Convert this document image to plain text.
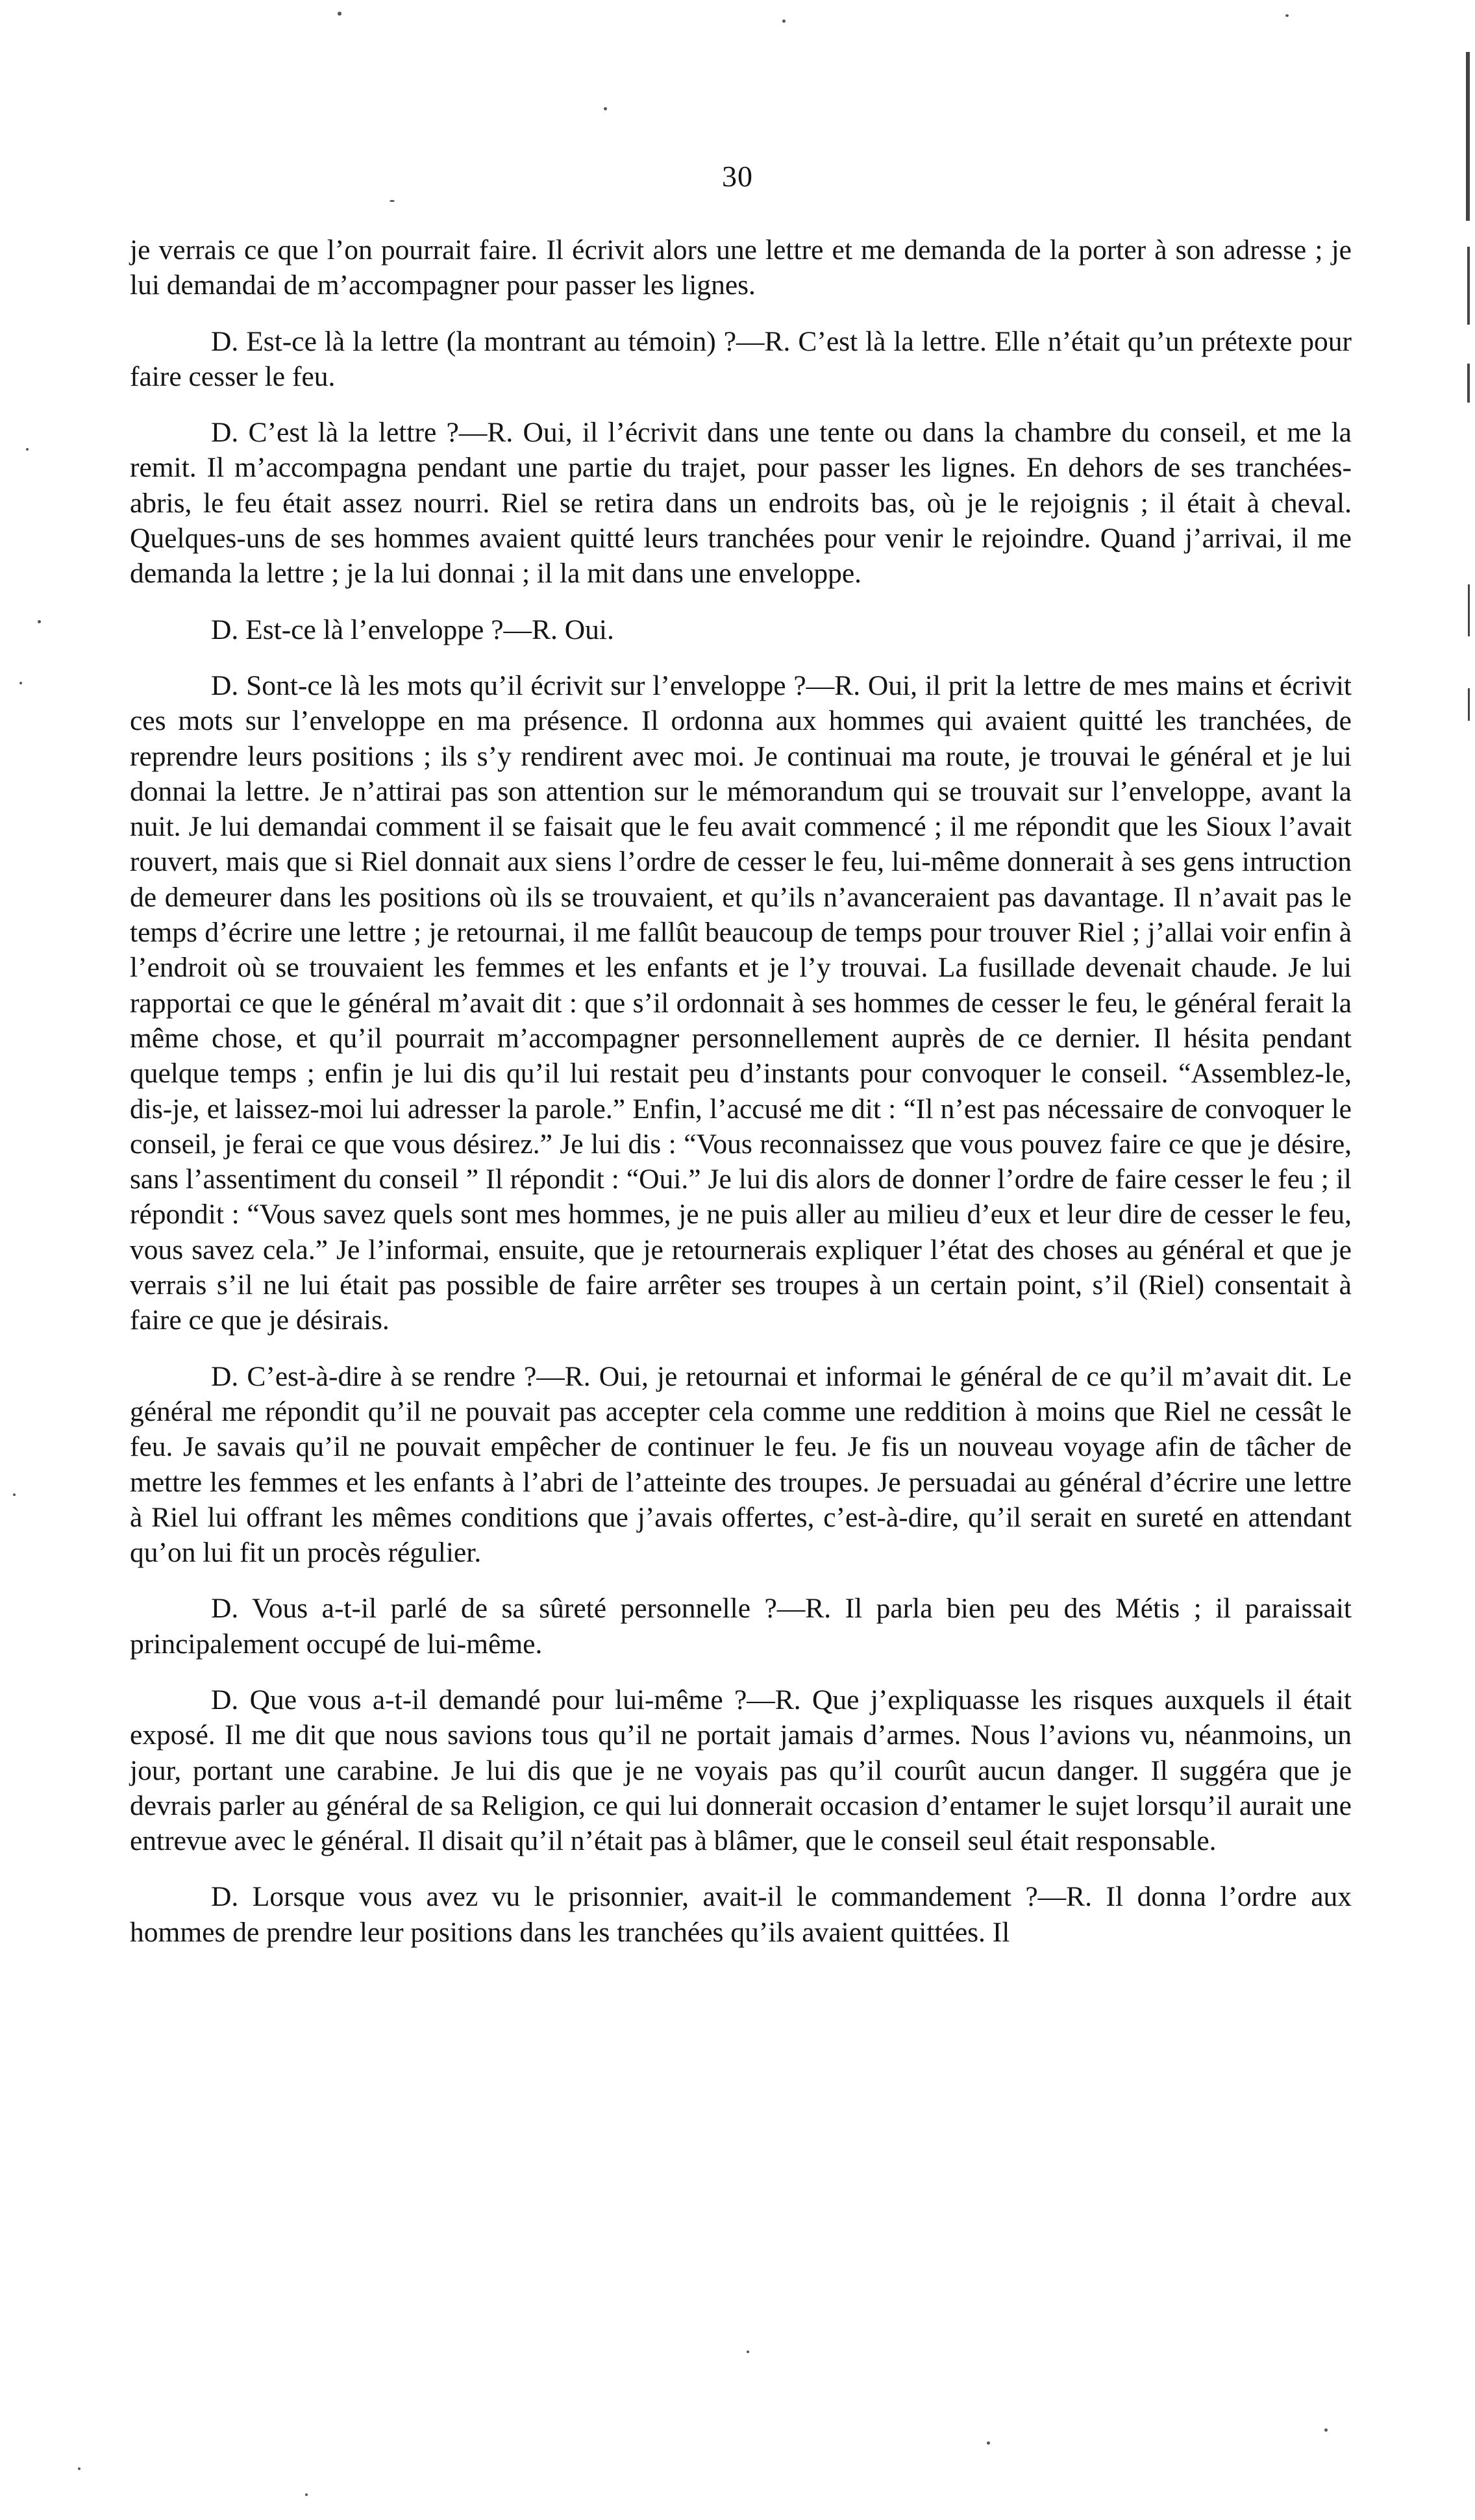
30

je verrais ce que l’on pourrait faire. Il écrivit alors une lettre et me demanda de la porter à son adresse ; je lui demandai de m’accompagner pour passer les lignes.

D. Est-ce là la lettre (la montrant au témoin) ?—R. C’est là la lettre. Elle n’était qu’un prétexte pour faire cesser le feu.

D. C’est là la lettre ?—R. Oui, il l’écrivit dans une tente ou dans la chambre du conseil, et me la remit. Il m’accompagna pendant une partie du trajet, pour passer les lignes. En dehors de ses tranchées-abris, le feu était assez nourri. Riel se retira dans un endroits bas, où je le rejoignis ; il était à cheval. Quelques-uns de ses hommes avaient quitté leurs tranchées pour venir le rejoindre. Quand j’arrivai, il me demanda la lettre ; je la lui donnai ; il la mit dans une enveloppe.

D. Est-ce là l’enveloppe ?—R. Oui.

D. Sont-ce là les mots qu’il écrivit sur l’enveloppe ?—R. Oui, il prit la lettre de mes mains et écrivit ces mots sur l’enveloppe en ma présence. Il ordonna aux hommes qui avaient quitté les tranchées, de reprendre leurs positions ; ils s’y rendirent avec moi. Je continuai ma route, je trouvai le général et je lui donnai la lettre. Je n’attirai pas son attention sur le mémorandum qui se trouvait sur l’enveloppe, avant la nuit. Je lui demandai comment il se faisait que le feu avait commencé ; il me répondit que les Sioux l’avait rouvert, mais que si Riel donnait aux siens l’ordre de cesser le feu, lui-même donnerait à ses gens intruction de demeurer dans les positions où ils se trouvaient, et qu’ils n’avanceraient pas davantage. Il n’avait pas le temps d’écrire une lettre ; je retournai, il me fallût beaucoup de temps pour trouver Riel ; j’allai voir enfin à l’endroit où se trouvaient les femmes et les enfants et je l’y trouvai. La fusillade devenait chaude. Je lui rapportai ce que le général m’avait dit : que s’il ordonnait à ses hommes de cesser le feu, le général ferait la même chose, et qu’il pourrait m’accompagner personnellement auprès de ce dernier. Il hésita pendant quelque temps ; enfin je lui dis qu’il lui restait peu d’instants pour convoquer le conseil. “Assemblez-le, dis-je, et laissez-moi lui adresser la parole.” Enfin, l’accusé me dit : “Il n’est pas nécessaire de convoquer le conseil, je ferai ce que vous désirez.” Je lui dis : “Vous reconnaissez que vous pouvez faire ce que je désire, sans l’assentiment du conseil ” Il répondit : “Oui.” Je lui dis alors de donner l’ordre de faire cesser le feu ; il répondit : “Vous savez quels sont mes hommes, je ne puis aller au milieu d’eux et leur dire de cesser le feu, vous savez cela.” Je l’informai, ensuite, que je retournerais expliquer l’état des choses au général et que je verrais s’il ne lui était pas possible de faire arrêter ses troupes à un certain point, s’il (Riel) consentait à faire ce que je désirais.

D. C’est-à-dire à se rendre ?—R. Oui, je retournai et informai le général de ce qu’il m’avait dit. Le général me répondit qu’il ne pouvait pas accepter cela comme une reddition à moins que Riel ne cessât le feu. Je savais qu’il ne pouvait empêcher de continuer le feu. Je fis un nouveau voyage afin de tâcher de mettre les femmes et les enfants à l’abri de l’atteinte des troupes. Je persuadai au général d’écrire une lettre à Riel lui offrant les mêmes conditions que j’avais offertes, c’est-à-dire, qu’il serait en sureté en attendant qu’on lui fit un procès régulier.

D. Vous a-t-il parlé de sa sûreté personnelle ?—R. Il parla bien peu des Métis ; il paraissait principalement occupé de lui-même.

D. Que vous a-t-il demandé pour lui-même ?—R. Que j’expliquasse les risques auxquels il était exposé. Il me dit que nous savions tous qu’il ne portait jamais d’armes. Nous l’avions vu, néanmoins, un jour, portant une carabine. Je lui dis que je ne voyais pas qu’il courût aucun danger. Il suggéra que je devrais parler au général de sa Religion, ce qui lui donnerait occasion d’entamer le sujet lorsqu’il aurait une entrevue avec le général. Il disait qu’il n’était pas à blâmer, que le conseil seul était responsable.

D. Lorsque vous avez vu le prisonnier, avait-il le commandement ?—R. Il donna l’ordre aux hommes de prendre leur positions dans les tranchées qu’ils avaient quittées. Il
